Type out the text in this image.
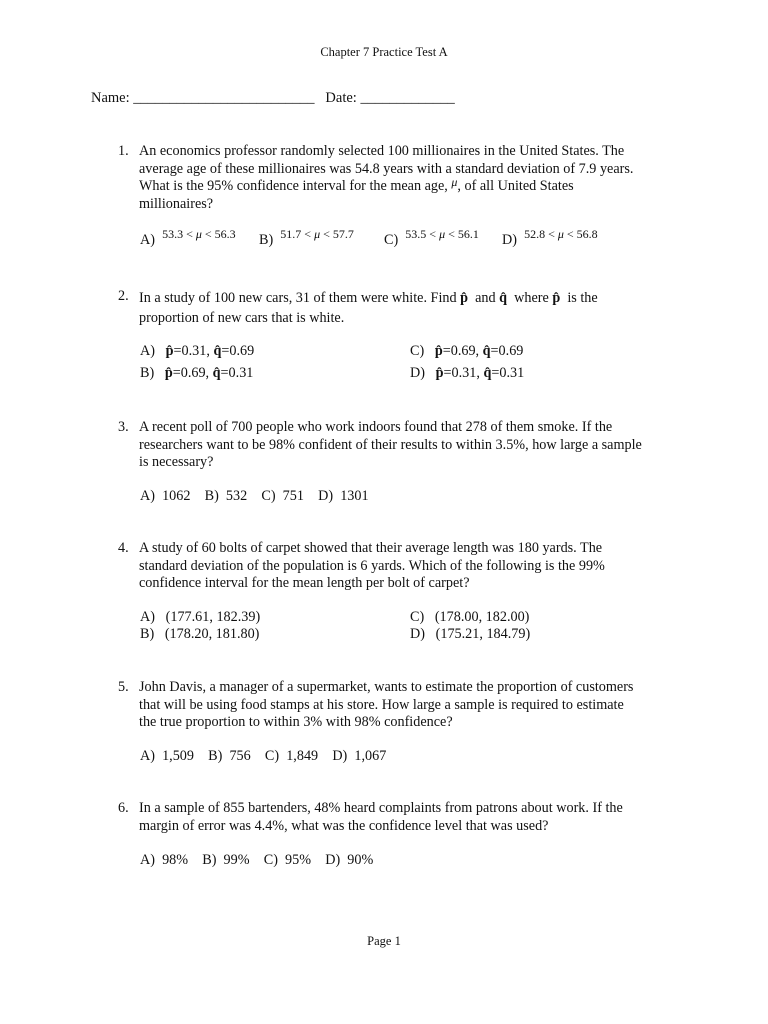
Chapter 7 Practice Test A
Name: _________________________ Date: _____________
1. An economics professor randomly selected 100 millionaires in the United States. The
average age of these millionaires was 54.8 years with a standard deviation of 7.9 years.
What is the 95% confidence interval for the mean age, $^\mu$, of all United States
millionaires?
A) $^{53.3 < \mu < 56.3}$ B) $^{51.7 < \mu < 57.7}$ C) $^{53.5 < \mu < 56.1}$ D) $^{52.8 < \mu < 56.8}$
2. In a study of 100 new cars, 31 of them were white. Find p̂ and q̂ where p̂ is the
proportion of new cars that is white.
A) p̂=0.31, q̂=0.69
B) p̂=0.69, q̂=0.31
C) p̂=0.69, q̂=0.69
D) p̂=0.31, q̂=0.31
3. A recent poll of 700 people who work indoors found that 278 of them smoke. If the
researchers want to be 98% confident of their results to within 3.5%, how large a sample
is necessary?
A)  1062    B)  532    C)  751    D)  1301
4. A study of 60 bolts of carpet showed that their average length was 180 yards. The
standard deviation of the population is 6 yards. Which of the following is the 99%
confidence interval for the mean length per bolt of carpet?
A) (177.61, 182.39)
B) (178.20, 181.80)
C) (178.00, 182.00)
D) (175.21, 184.79)
5. John Davis, a manager of a supermarket, wants to estimate the proportion of customers
that will be using food stamps at his store. How large a sample is required to estimate
the true proportion to within 3% with 98% confidence?
A)  1,509    B)  756    C)  1,849    D)  1,067
6. In a sample of 855 bartenders, 48% heard complaints from patrons about work. If the
margin of error was 4.4%, what was the confidence level that was used?
A)  98%    B)  99%    C)  95%    D)  90%
Page 1
